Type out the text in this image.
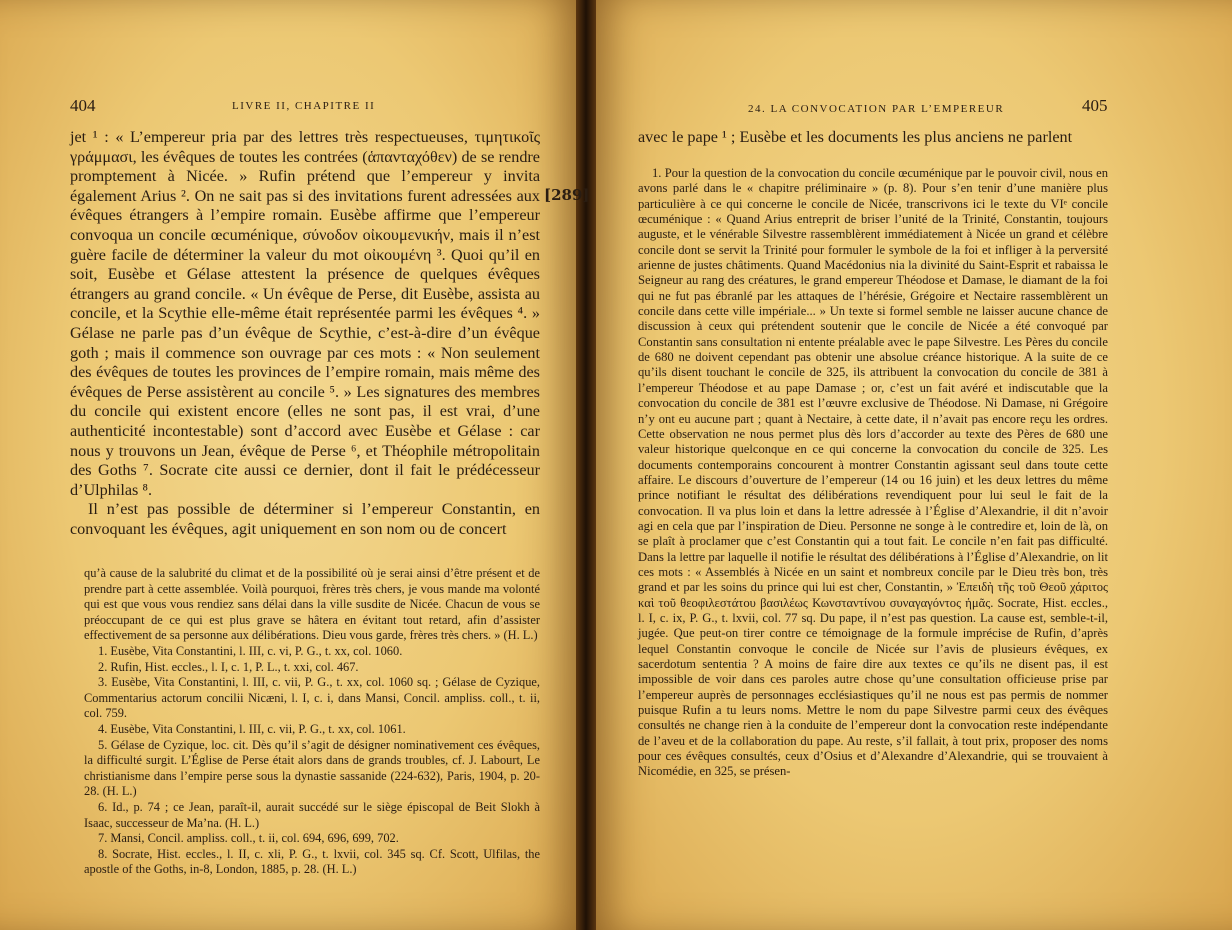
404	LIVRE II, CHAPITRE II

jet ¹ : « L’empereur pria par des lettres très respectueuses, τιμητικοῖς γράμμασι, les évêques de toutes les contrées (ἁπανταχόθεν) de se rendre promptement à Nicée. » Rufin prétend que l’empereur y invita également Arius ². On ne sait pas si des invitations furent adressées aux évêques étrangers à l’empire romain. Eusèbe affirme que l’empereur convoqua un concile œcuménique, σύνοδον οἰκουμενικήν, mais il n’est guère facile de déterminer la valeur du mot οἰκουμένη ³. Quoi qu’il en soit, Eusèbe et Gélase attestent la présence de quelques évêques étrangers au grand concile. « Un évêque de Perse, dit Eusèbe, assista au concile, et la Scythie elle-même était représentée parmi les évêques ⁴. » Gélase ne parle pas d’un évêque de Scythie, c’est-à-dire d’un évêque goth ; mais il commence son ouvrage par ces mots : « Non seulement des évêques de toutes les provinces de l’empire romain, mais même des évêques de Perse assistèrent au concile ⁵. » Les signatures des membres du concile qui existent encore (elles ne sont pas, il est vrai, d’une authenticité incontestable) sont d’accord avec Eusèbe et Gélase : car nous y trouvons un Jean, évêque de Perse ⁶, et Théophile métropolitain des Goths ⁷. Socrate cite aussi ce dernier, dont il fait le prédécesseur d’Ulphilas ⁸.

Il n’est pas possible de déterminer si l’empereur Constantin, en convoquant les évêques, agit uniquement en son nom ou de concert

qu’à cause de la salubrité du climat et de la possibilité où je serai ainsi d’être présent et de prendre part à cette assemblée. Voilà pourquoi, frères très chers, je vous mande ma volonté qui est que vous vous rendiez sans délai dans la ville susdite de Nicée. Chacun de vous se préoccupant de ce qui est plus grave se hâtera en évitant tout retard, afin d’assister effectivement de sa personne aux délibérations. Dieu vous garde, frères très chers. » (H. L.)

1. Eusèbe, Vita Constantini, l. III, c. vi, P. G., t. xx, col. 1060.

2. Rufin, Hist. eccles., l. I, c. 1, P. L., t. xxi, col. 467.

3. Eusèbe, Vita Constantini, l. III, c. vii, P. G., t. xx, col. 1060 sq. ; Gélase de Cyzique, Commentarius actorum concilii Nicæni, l. I, c. i, dans Mansi, Concil. ampliss. coll., t. ii, col. 759.

4. Eusèbe, Vita Constantini, l. III, c. vii, P. G., t. xx, col. 1061.

5. Gélase de Cyzique, loc. cit. Dès qu’il s’agit de désigner nominativement ces évêques, la difficulté surgit. L’Église de Perse était alors dans de grands troubles, cf. J. Labourt, Le christianisme dans l’empire perse sous la dynastie sassanide (224-632), Paris, 1904, p. 20-28. (H. L.)

6. Id., p. 74 ; ce Jean, paraît-il, aurait succédé sur le siège épiscopal de Beit Slokh à Isaac, successeur de Ma’na. (H. L.)

7. Mansi, Concil. ampliss. coll., t. ii, col. 694, 696, 699, 702.

8. Socrate, Hist. eccles., l. II, c. xli, P. G., t. lxvii, col. 345 sq. Cf. Scott, Ulfilas, the apostle of the Goths, in-8, London, 1885, p. 28. (H. L.)

24. LA CONVOCATION PAR L’EMPEREUR	405

avec le pape ¹ ; Eusèbe et les documents les plus anciens ne parlent

1. Pour la question de la convocation du concile œcuménique par le pouvoir civil, nous en avons parlé dans le « chapitre préliminaire » (p. 8). Pour s’en tenir d’une manière plus particulière à ce qui concerne le concile de Nicée, transcrivons ici le texte du VIᵉ concile œcuménique : « Quand Arius entreprit de briser l’unité de la Trinité, Constantin, toujours auguste, et le vénérable Silvestre rassemblèrent immédiatement à Nicée un grand et célèbre concile dont se servit la Trinité pour formuler le symbole de la foi et infliger à la perversité arienne de justes châtiments. Quand Macédonius nia la divinité du Saint-Esprit et rabaissa le Seigneur au rang des créatures, le grand empereur Théodose et Damase, le diamant de la foi qui ne fut pas ébranlé par les attaques de l’hérésie, Grégoire et Nectaire rassemblèrent un concile dans cette ville impériale... » Un texte si formel semble ne laisser aucune chance de discussion à ceux qui prétendent soutenir que le concile de Nicée a été convoqué par Constantin sans consultation ni entente préalable avec le pape Silvestre. Les Pères du concile de 680 ne doivent cependant pas obtenir une absolue créance historique. A la suite de ce qu’ils disent touchant le concile de 325, ils attribuent la convocation du concile de 381 à l’empereur Théodose et au pape Damase ; or, c’est un fait avéré et indiscutable que la convocation du concile de 381 est l’œuvre exclusive de Théodose. Ni Damase, ni Grégoire n’y ont eu aucune part ; quant à Nectaire, à cette date, il n’avait pas encore reçu les ordres. Cette observation ne nous permet plus dès lors d’accorder au texte des Pères de 680 une valeur historique quelconque en ce qui concerne la convocation du concile de 325. Les documents contemporains concourent à montrer Constantin agissant seul dans toute cette affaire. Le discours d’ouverture de l’empereur (14 ou 16 juin) et les deux lettres du même prince notifiant le résultat des délibérations revendiquent pour lui seul le fait de la convocation. Il va plus loin et dans la lettre adressée à l’Église d’Alexandrie, il dit n’avoir agi en cela que par l’inspiration de Dieu. Personne ne songe à le contredire et, loin de là, on se plaît à proclamer que c’est Constantin qui a tout fait. Le concile n’en fait pas difficulté. Dans la lettre par laquelle il notifie le résultat des délibérations à l’Église d’Alexandrie, on lit ces mots : « Assemblés à Nicée en un saint et nombreux concile par le Dieu très bon, très grand et par les soins du prince qui lui est cher, Constantin, » Ἐπειδὴ τῆς τοῦ Θεοῦ χάριτος καὶ τοῦ θεοφιλεστάτου βασιλέως Κωνσταντίνου συναγαγόντος ἡμᾶς. Socrate, Hist. eccles., l. I, c. ix, P. G., t. lxvii, col. 77 sq. Du pape, il n’est pas question. La cause est, semble-t-il, jugée. Que peut-on tirer contre ce témoignage de la formule imprécise de Rufin, d’après lequel Constantin convoque le concile de Nicée sur l’avis de plusieurs évêques, ex sacerdotum sententia ? A moins de faire dire aux textes ce qu’ils ne disent pas, il est impossible de voir dans ces paroles autre chose qu’une consultation officieuse prise par l’empereur auprès de personnages ecclésiastiques qu’il ne nous est pas permis de nommer puisque Rufin a tu leurs noms. Mettre le nom du pape Silvestre parmi ceux des évêques consultés ne change rien à la conduite de l’empereur dont la convocation reste indépendante de l’aveu et de la collaboration du pape. Au reste, s’il fallait, à tout prix, proposer des noms pour ces évêques consultés, ceux d’Osius et d’Alexandre d’Alexandrie, qui se trouvaient à Nicomédie, en 325, se présen-

[289]
